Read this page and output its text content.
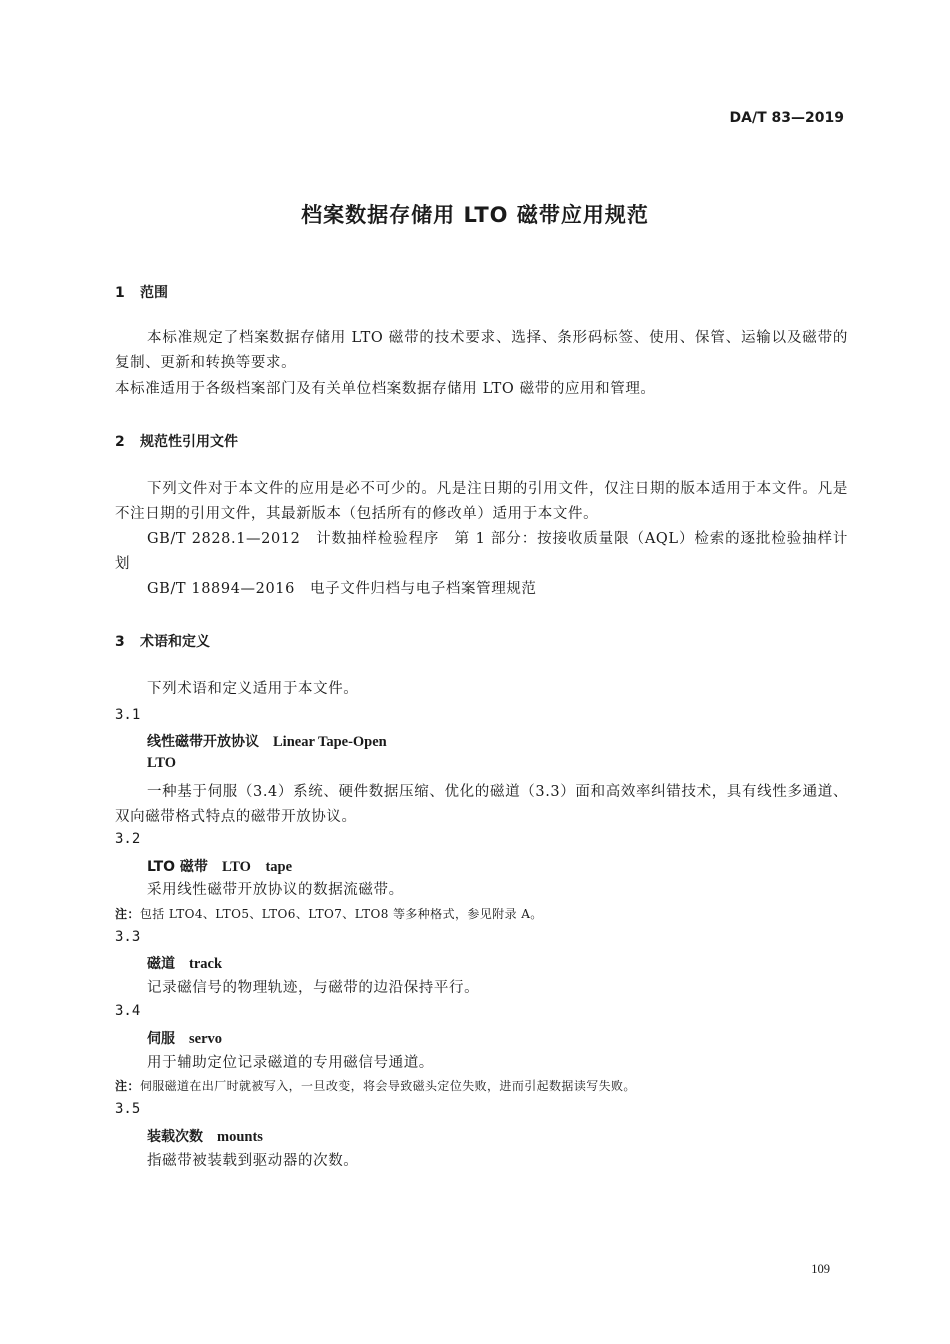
DA/T 83—2019
档案数据存储用 LTO 磁带应用规范
1 范围
本标准规定了档案数据存储用 LTO 磁带的技术要求、选择、条形码标签、使用、保管、运输以及磁带的复制、更新和转换等要求。
本标准适用于各级档案部门及有关单位档案数据存储用 LTO 磁带的应用和管理。
2 规范性引用文件
下列文件对于本文件的应用是必不可少的。凡是注日期的引用文件，仅注日期的版本适用于本文件。凡是不注日期的引用文件，其最新版本（包括所有的修改单）适用于本文件。
GB/T 2828.1—2012　计数抽样检验程序　第 1 部分：按接收质量限（AQL）检索的逐批检验抽样计划
GB/T 18894—2016　电子文件归档与电子档案管理规范
3 术语和定义
下列术语和定义适用于本文件。
3.1
线性磁带开放协议 Linear Tape-Open
LTO
一种基于伺服（3.4）系统、硬件数据压缩、优化的磁道（3.3）面和高效率纠错技术，具有线性多通道、双向磁带格式特点的磁带开放协议。
3.2
LTO 磁带 LTO　tape
采用线性磁带开放协议的数据流磁带。
注：包括 LTO4、LTO5、LTO6、LTO7、LTO8 等多种格式，参见附录 A。
3.3
磁道 track
记录磁信号的物理轨迹，与磁带的边沿保持平行。
3.4
伺服 servo
用于辅助定位记录磁道的专用磁信号通道。
注：伺服磁道在出厂时就被写入，一旦改变，将会导致磁头定位失败，进而引起数据读写失败。
3.5
装载次数 mounts
指磁带被装载到驱动器的次数。
109
